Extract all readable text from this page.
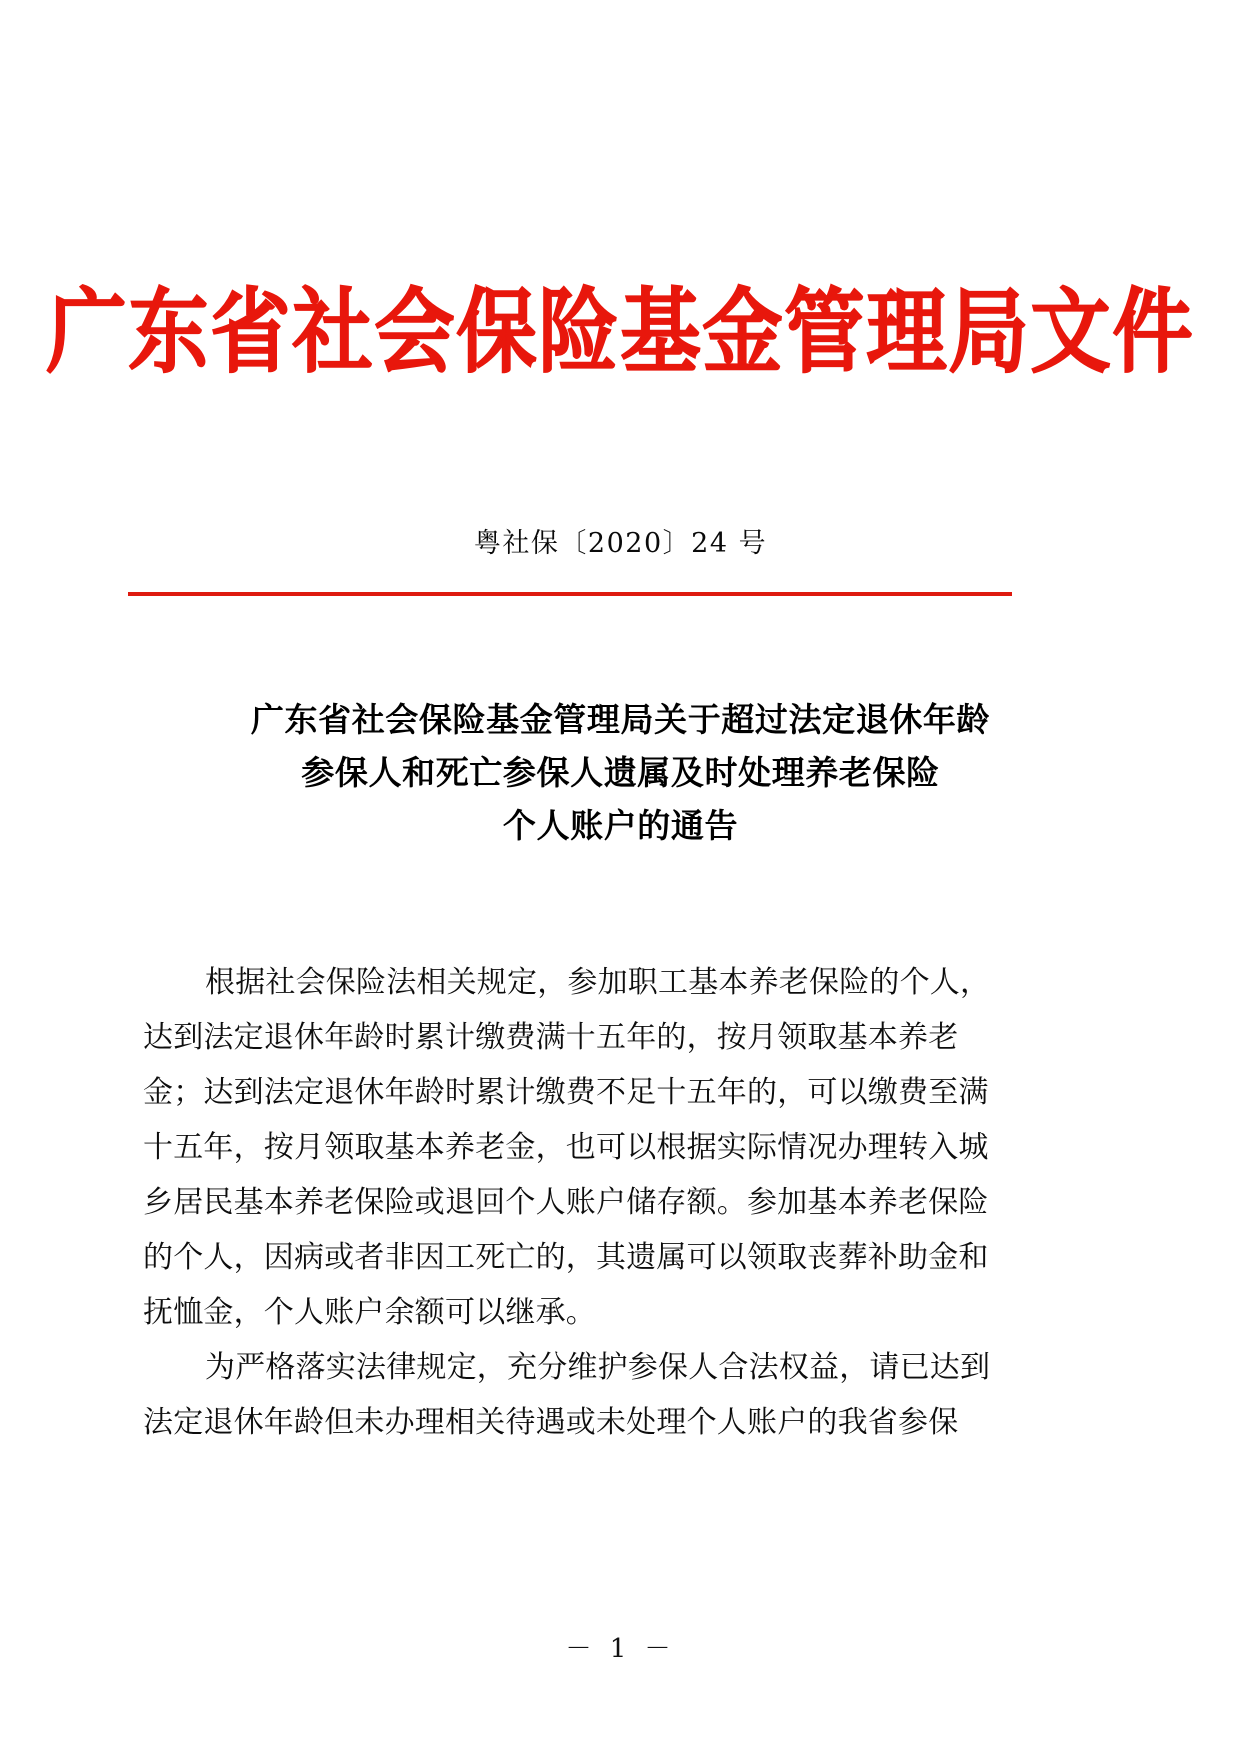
广东省社会保险基金管理局文件
粤社保〔2020〕24 号
广东省社会保险基金管理局关于超过法定退休年龄
参保人和死亡参保人遗属及时处理养老保险
个人账户的通告

根据社会保险法相关规定，参加职工基本养老保险的个人，
达到法定退休年龄时累计缴费满十五年的，按月领取基本养老
金；达到法定退休年龄时累计缴费不足十五年的，可以缴费至满
十五年，按月领取基本养老金，也可以根据实际情况办理转入城
乡居民基本养老保险或退回个人账户储存额。参加基本养老保险
的个人，因病或者非因工死亡的，其遗属可以领取丧葬补助金和
抚恤金，个人账户余额可以继承。

为严格落实法律规定，充分维护参保人合法权益，请已达到
法定退休年龄但未办理相关待遇或未处理个人账户的我省参保

－ 1 －
